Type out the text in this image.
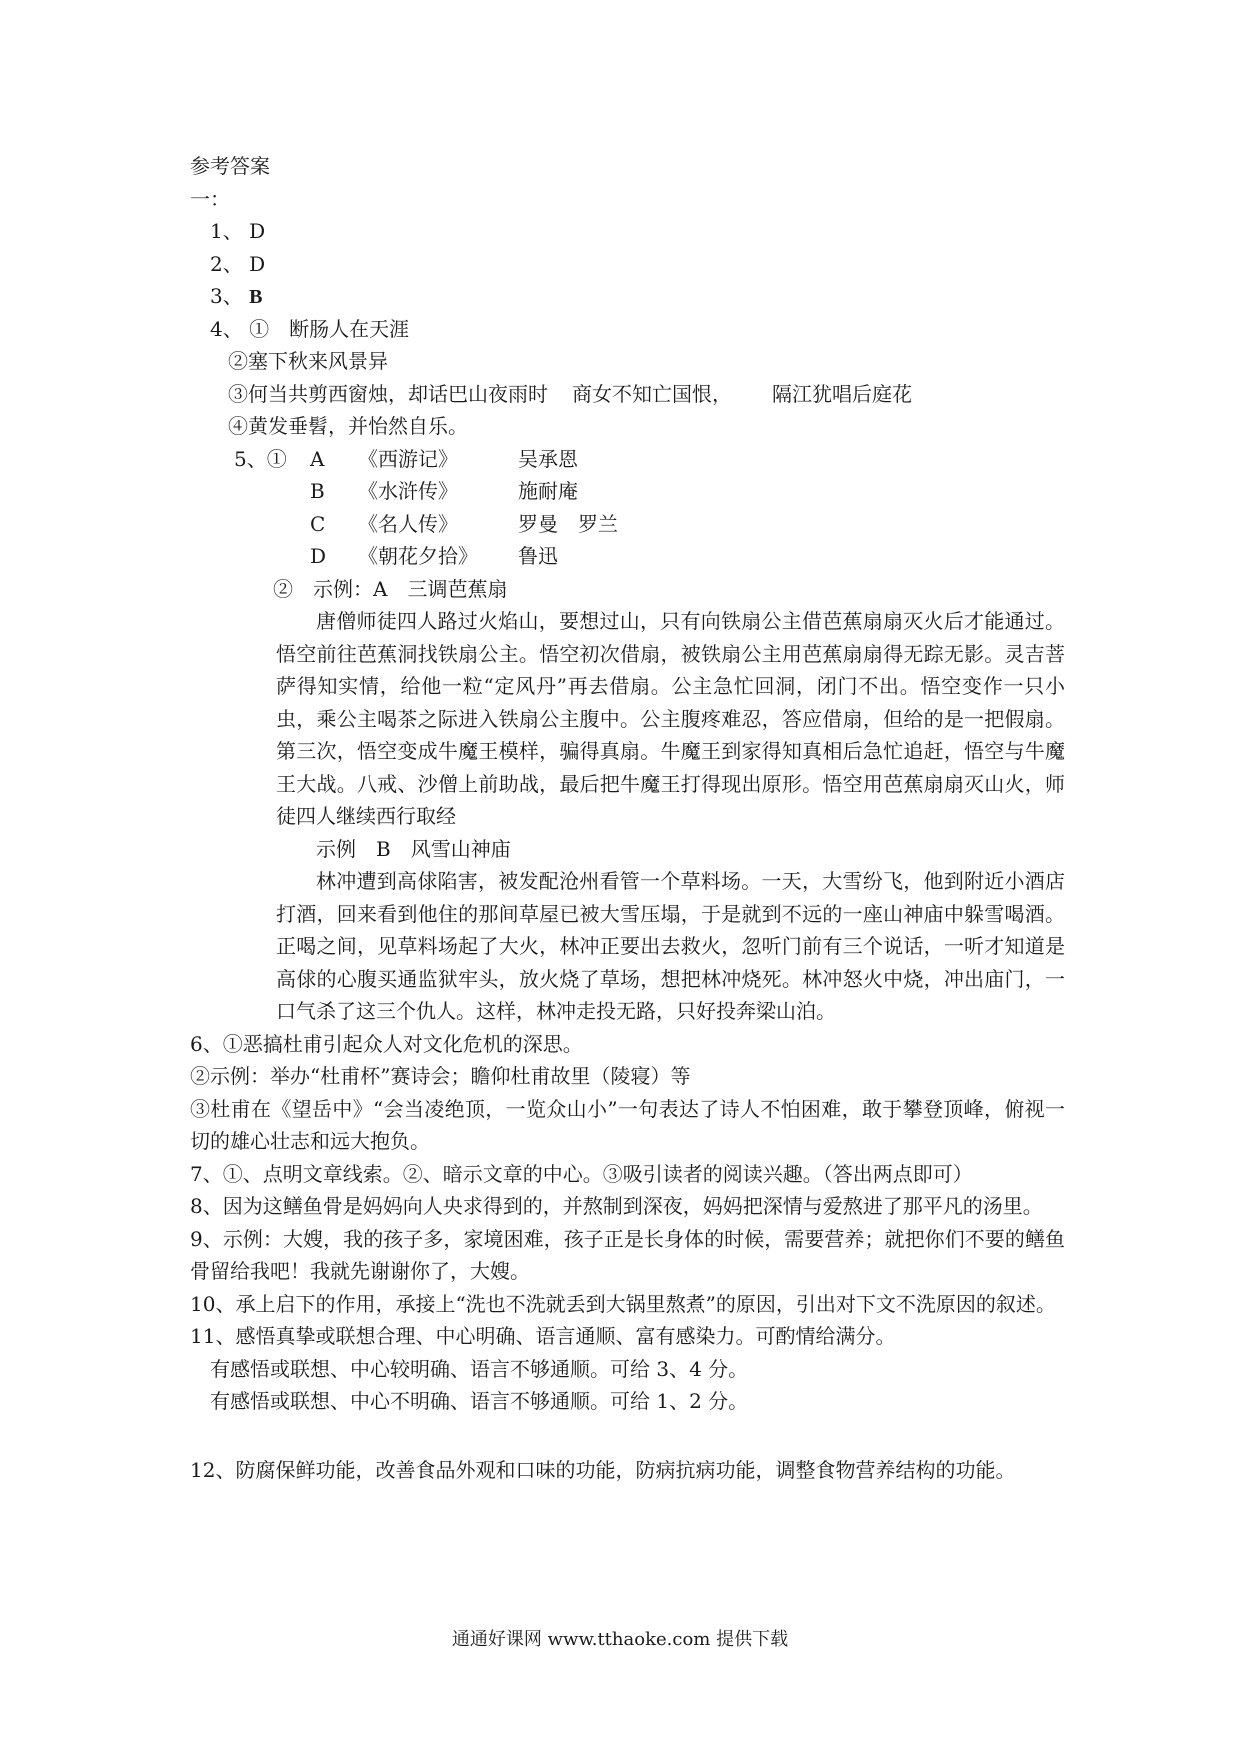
参考答案
一：
1、 D
2、 D
3、 B
4、 ①　断肠人在天涯
②塞下秋来风景异
③何当共剪西窗烛，却话巴山夜雨时 商女不知亡国恨， 隔江犹唱后庭花
④黄发垂髫，并怡然自乐。
5、① A 《西游记》	吴承恩
B 《水浒传》	施耐庵
C 《名人传》	罗曼　罗兰
D 《朝花夕拾》 鲁迅
②　示例：A　三调芭蕉扇
唐僧师徒四人路过火焰山，要想过山，只有向铁扇公主借芭蕉扇扇灭火后才能通过。悟空前往芭蕉洞找铁扇公主。悟空初次借扇，被铁扇公主用芭蕉扇扇得无踪无影。灵吉菩萨得知实情，给他一粒“定风丹”再去借扇。公主急忙回洞，闭门不出。悟空变作一只小虫，乘公主喝茶之际进入铁扇公主腹中。公主腹疼难忍，答应借扇，但给的是一把假扇。第三次，悟空变成牛魔王模样，骗得真扇。牛魔王到家得知真相后急忙追赶，悟空与牛魔王大战。八戒、沙僧上前助战，最后把牛魔王打得现出原形。悟空用芭蕉扇扇灭山火，师徒四人继续西行取经
示例　B　风雪山神庙
林冲遭到高俅陷害，被发配沧州看管一个草料场。一天，大雪纷飞，他到附近小酒店打酒，回来看到他住的那间草屋已被大雪压塌，于是就到不远的一座山神庙中躲雪喝酒。正喝之间，见草料场起了大火，林冲正要出去救火，忽听门前有三个说话，一听才知道是高俅的心腹买通监狱牢头，放火烧了草场，想把林冲烧死。林冲怒火中烧，冲出庙门，一口气杀了这三个仇人。这样，林冲走投无路，只好投奔梁山泊。
6、①恶搞杜甫引起众人对文化危机的深思。
②示例：举办“杜甫杯”赛诗会；瞻仰杜甫故里（陵寝）等
③杜甫在《望岳中》“会当凌绝顶，一览众山小”一句表达了诗人不怕困难，敢于攀登顶峰，俯视一切的雄心壮志和远大抱负。
7、①、点明文章线索。②、暗示文章的中心。③吸引读者的阅读兴趣。（答出两点即可）
8、因为这鳝鱼骨是妈妈向人央求得到的，并熬制到深夜，妈妈把深情与爱熬进了那平凡的汤里。
9、示例：大嫂，我的孩子多，家境困难，孩子正是长身体的时候，需要营养；就把你们不要的鳝鱼骨留给我吧！我就先谢谢你了，大嫂。
10、承上启下的作用，承接上“洗也不洗就丢到大锅里熬煮”的原因，引出对下文不洗原因的叙述。
11、感悟真挚或联想合理、中心明确、语言通顺、富有感染力。可酌情给满分。
有感悟或联想、中心较明确、语言不够通顺。可给 3、4 分。
有感悟或联想、中心不明确、语言不够通顺。可给 1、2 分。
12、防腐保鲜功能，改善食品外观和口味的功能，防病抗病功能，调整食物营养结构的功能。
通通好课网 www.tthaoke.com 提供下载
